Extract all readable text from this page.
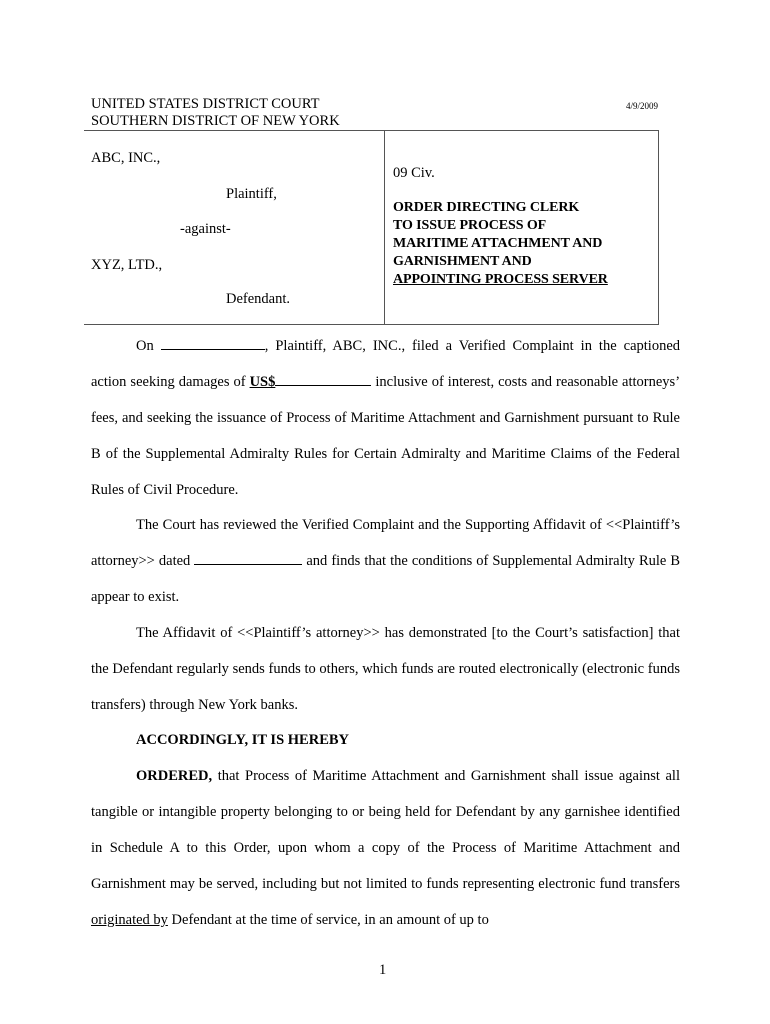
UNITED STATES DISTRICT COURT
SOUTHERN DISTRICT OF NEW YORK
4/9/2009
ABC, INC.,
Plaintiff,
-against-
XYZ, LTD.,
Defendant.
09 Civ.
ORDER DIRECTING CLERK
TO ISSUE PROCESS OF
MARITIME ATTACHMENT AND
GARNISHMENT AND
APPOINTING PROCESS SERVER
On	, Plaintiff, ABC, INC., filed a Verified Complaint in the captioned action seeking damages of US$	inclusive of interest, costs and reasonable attorneys’ fees, and seeking the issuance of Process of Maritime Attachment and Garnishment pursuant to Rule B of the Supplemental Admiralty Rules for Certain Admiralty and Maritime Claims of the Federal Rules of Civil Procedure.
The Court has reviewed the Verified Complaint and the Supporting Affidavit of <<Plaintiff’s attorney>> dated	and finds that the conditions of Supplemental Admiralty Rule B appear to exist.
The Affidavit of <<Plaintiff’s attorney>> has demonstrated [to the Court’s satisfaction] that the Defendant regularly sends funds to others, which funds are routed electronically (electronic funds transfers) through New York banks.
ACCORDINGLY, IT IS HEREBY
ORDERED, that Process of Maritime Attachment and Garnishment shall issue against all tangible or intangible property belonging to or being held for Defendant by any garnishee identified in Schedule A to this Order, upon whom a copy of the Process of Maritime Attachment and Garnishment may be served, including but not limited to funds representing electronic fund transfers originated by Defendant at the time of service, in an amount of up to
1
